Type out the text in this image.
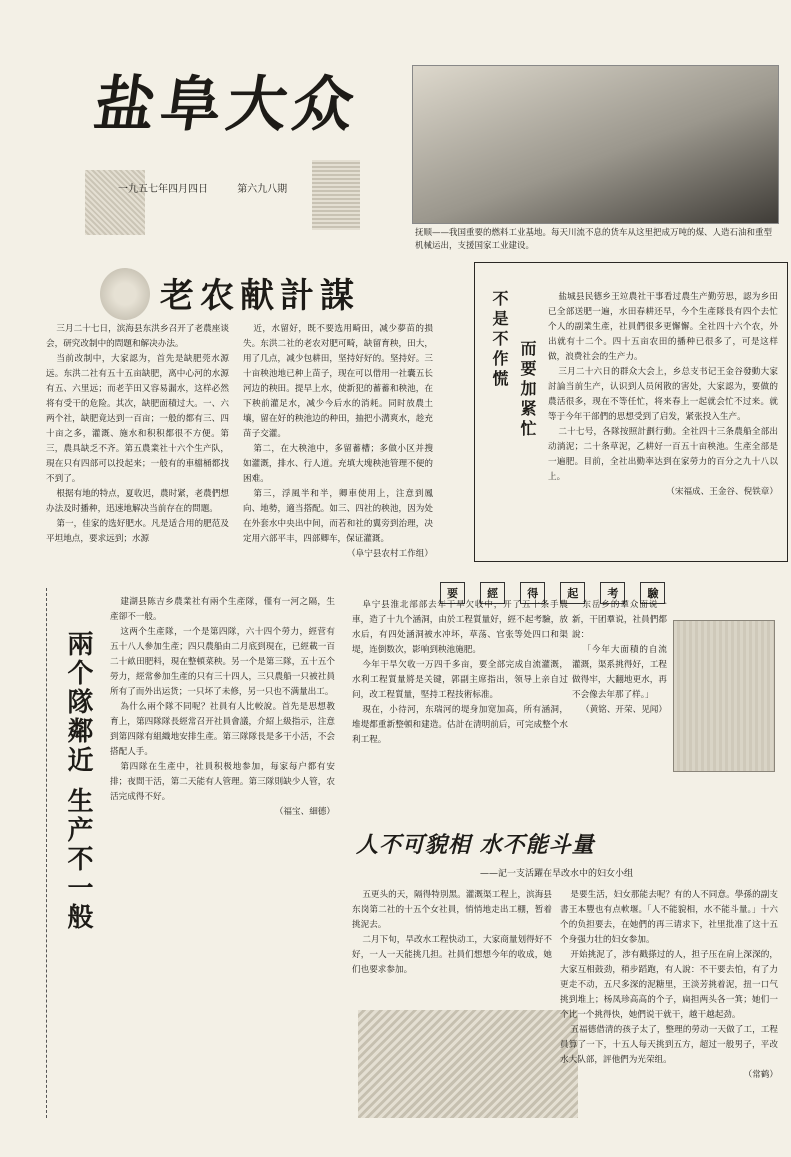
盐阜大众
一九五七年四月四日	第六九八期
抚顺——我国重要的燃料工业基地。每天川流不息的货车从这里把成万吨的煤、人造石油和重型机械运出，支援国家工业建设。
老农献計謀

三月二十七日，滨海县东洪乡召开了老農座谈会，研究改制中的問題和解决办法。

当前改制中，大家認为，首先是缺肥莞水源远。东洪二社有五十五亩缺肥，离中心河的水源有五、六里远；而老芋田又容易漏水，这样必然将有受干的危险。其次，缺肥面積过大。一、六两个社，缺肥竟达到一百亩；一般的都有三、四十亩之多，灌溉、施水和积积都很不方便。第三，農具缺乏不齐。第五農業社十六个生产队，現在只有四部可以投起来；一般有的車檔桶都找不到了。

根据有地的特点，夏收迟，農时紧，老農們想办法及时播种，迅速地解决当前存在的問題。

第一，佳家的选好肥水。凡是适合用的肥范及平坦地点，要求远到；水源

近，水留好，既不要选用畸田，减少夢苗的损失。东洪二社的老农对肥可畸，缺留育秧，田大，用了几点，减少包耕田，坚持好好的。坚持好。三十亩秧池地已种上苗子，现在可以借用一社囊五长河边的秧田。提早上水，使新犯的蓄蓄和秧池，在下秧前灌足水，减少今后水的消耗。同时放農土壤，留在好的秧池边的种田，抽把小溝爽水，趁充苗子交灌。

第二，在大秧池中，多留蓄槽；多做小区并搜如灌溉，排水、行人道。充填大塊秧池管理不便的困难。

第三，浮風半和半，卿車使用上，注意到鳳向、地勢，適当搭配。如三、四社的秧池，因为处在外套水中央出中间，而若和社的翼旁到治理，决定用六部平丰，四部卿车，保证灌溉。

（阜宁县农村工作组）
不是不作慌 而要加紧忙

盐城县民德乡王竝農社干事看过農生产勤劳思，認为乡田已全部送肥一遍，水田春耕还早，今个生產隊長有四个去忙个人的副業生產，社員們很多更懈懈。全社四十六个农，外出就有十二个。四十五亩农田的播种已很多了，可是这样做，浪费社会的生产力。

三月二十六日的群众大会上，乡总支书记王金谷發動大家討論当前生产，认识到人员闲散的害处，大家認为，要做的農活很多，现在不等任忙，将来春上一起就会忙不过来。就等于今年干部們的思想受到了启发，紧张投入生产。

二十七号，各隊按照計劃行動。全社四十三条農船全部出动淌泥；二十条草泥，乙耕好一百五十亩秧池。生產全部是一遍肥。目前，全社出勤率达到在家勞力的百分之九十八以上。

（宋福成、王金谷、倪铁章）
要	經	得	起	考	驗
兩个隊鄰近 生产不一般

建湖县陈吉乡農業社有兩个生產隊，僅有一河之隔，生產卻不一般。

这两个生產隊，一个是第四隊，六十四个勞力，經营有五十八人參加生產；四只農船由二月底到現在，已經載一百二十畝田肥料，現在整頓菜秧。另一个是第三隊，五十五个勞力，經常參加生產的只有三十四人，三只農船一只被社員所有了而外出运货；一只坏了未修，另一只也不满量出工。

為什么兩个隊不同呢？社員有人比較說。首先是思想教育上，第四隊隊長經常召开社員會議，介紹上級指示，注意到第四隊有組織地安排生產。第三隊隊長是多干小活，不会搭配人手。

第四隊在生產中，社員积极地参加，每家每户都有安排；夜間干活，第二天能有人管理。第三隊則缺少人管，农活完成得不好。

（福宝、細德）

阜宁县淮北部部去年干旱欠收中，开了五十条手農車，造了十九个涵洞，由於工程質量好，經不起考驗，放水后，有四处涵洞被水冲坏，草荡、官张等处四口和渠堤，连倒数次，影响到秧池施肥。

今年干旱欠收一万四千多亩，要全部完成自流灌溉，水利工程質量將是关键，郭副主席指出，领导上亲自过问，改工程質量，堅持工程技術标准。

現在，小待河，东瑞河的堤身加宽加高，所有涵洞，堆堤都重新整頓和建造。估計在清明前后，可完成整个水利工程。

东岳乡的羣众面说一新，干团羣说，社員們都說：

「今年大面積的自流灌溉，渠系挑得好，工程做得牢，大翻地更水，再不会像去年那了样。」

（黄铭、开荣、见闻）
人不可貌相 水不能斗量
——記一支活躍在旱改水中的妇女小组

五更头的天，隔得特別黑。灌溉渠工程上，滨海县东岗第二社的十五个女社員，悄悄地走出工棚，暂着挑泥去。

二月下旬，旱改水工程快动工，大家商量划得好不好，一人一天能挑几担。社員们想想今年的收成，她们也要求参加。

是要生活，妇女那能去呢？有的人不同意。學孫的副支書王本豐也有点軟堰。「人不能貌相，水不能斗量。」十六个的负担要去，在她們的再三请求下，社里批准了这十五个身强力壮的妇女参加。

开始挑泥了，涉有戳搽过的人，担子压在肩上深深的，大家互相鼓劲，稍步蹈跑，有人說：不干要去怕，有了力更走不动，五尺多深的泥糖里，王淡芳挑着泥，扭一口气挑到堆上；杨凤珍高高的个子，扁担两头各一箕；她们一个比一个挑得快，她們说干就干，越干越起劲。

五福德借清的孩子太了，整理的勞动一天做了工，工程員算了一下，十五人每天挑到五方，超过一般男子，平改水大队部，評他們为光荣组。

（常鹤）
